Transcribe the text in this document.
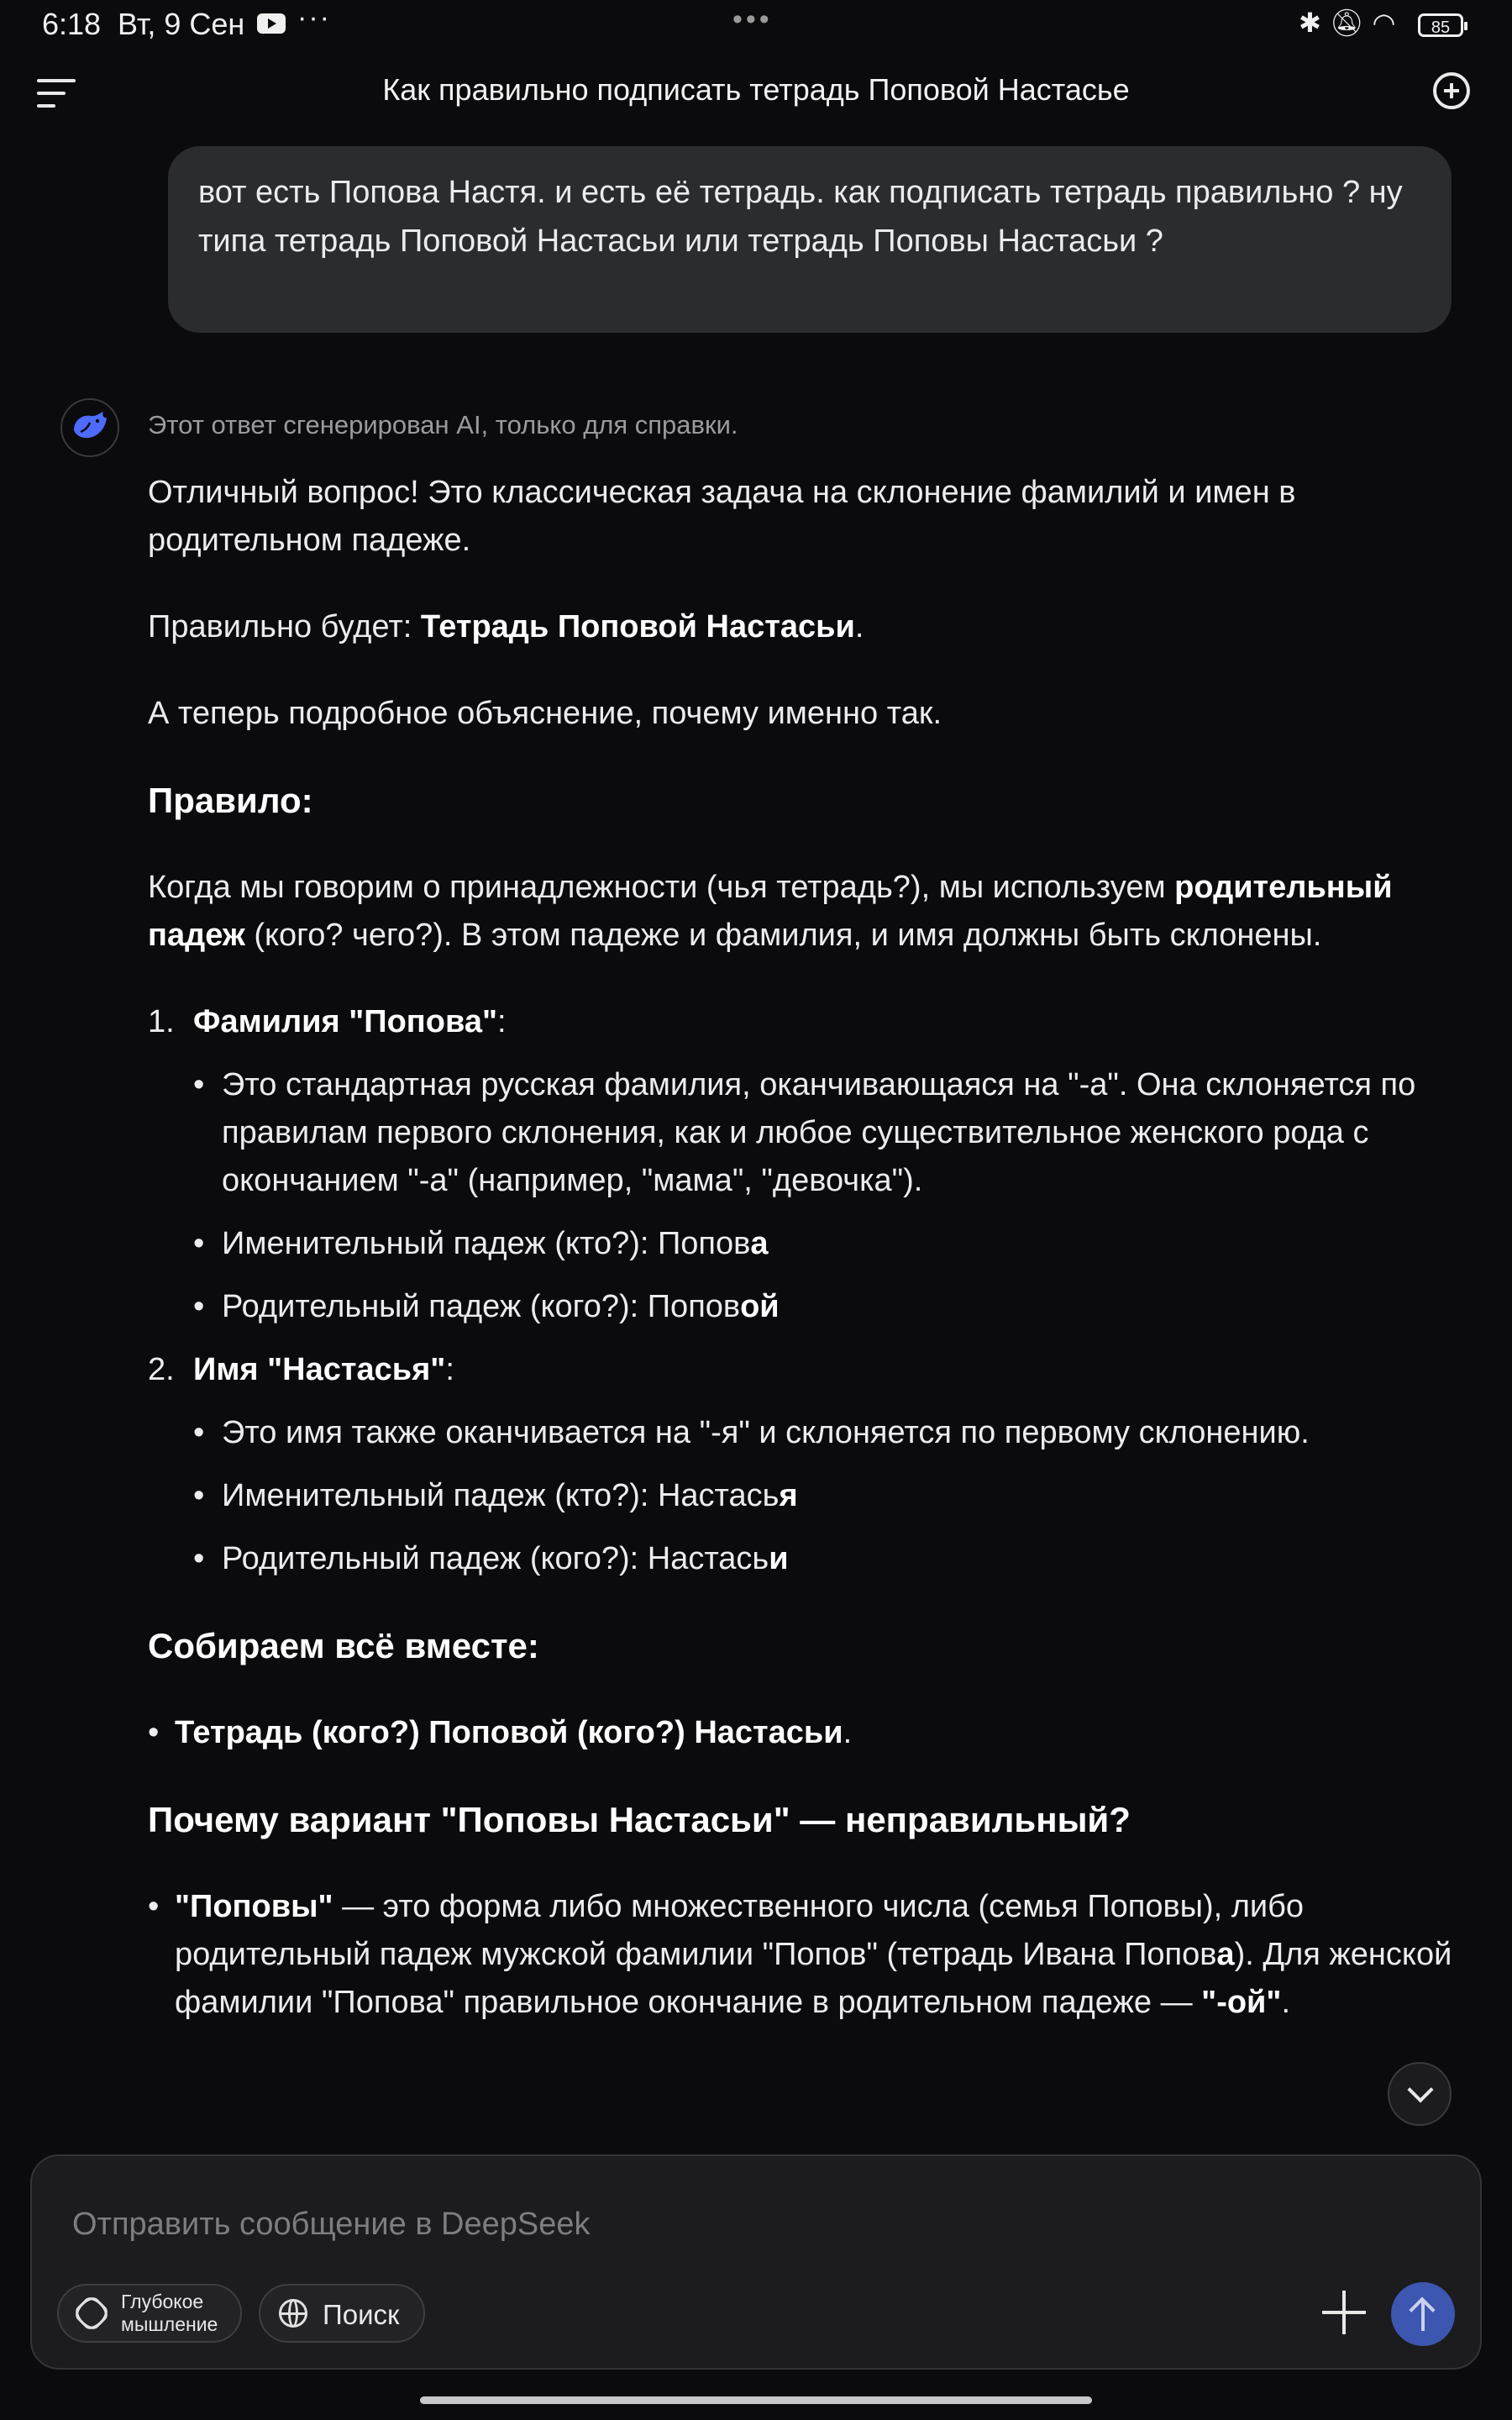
6:18 Вт, 9 Сен ···	•••	✱🔕︎◠	85
Как правильно подписать тетрадь Поповой Настасье
вот есть Попова Настя. и есть её тетрадь. как подписать тетрадь правильно ? ну типа тетрадь Поповой Настасьи или тетрадь Поповы Настасьи ?
Этот ответ сгенерирован AI, только для справки.

Отличный вопрос! Это классическая задача на склонение фамилий и имен в родительном падеже.

Правильно будет: Тетрадь Поповой Настасьи.

А теперь подробное объяснение, почему именно так.

Правило:

Когда мы говорим о принадлежности (чья тетрадь?), мы используем родительный падеж (кого? чего?). В этом падеже и фамилия, и имя должны быть склонены.

1. Фамилия "Попова":
• Это стандартная русская фамилия, оканчивающаяся на "-а". Она склоняется по правилам первого склонения, как и любое существительное женского рода с окончанием "-а" (например, "мама", "девочка").
• Именительный падеж (кто?): Попова
• Родительный падеж (кого?): Поповой
2. Имя "Настасья":
• Это имя также оканчивается на "-я" и склоняется по первому склонению.
• Именительный падеж (кто?): Настасья
• Родительный падеж (кого?): Настасьи

Собираем всё вместе:

• Тетрадь (кого?) Поповой (кого?) Настасьи.

Почему вариант "Поповы Настасьи" — неправильный?

• "Поповы" — это форма либо множественного числа (семья Поповы), либо родительный падеж мужской фамилии "Попов" (тетрадь Ивана Попова). Для женской фамилии "Попова" правильное окончание в родительном падеже — "-ой".
Отправить сообщение в DeepSeek
Глубокое
мышление	Поиск
